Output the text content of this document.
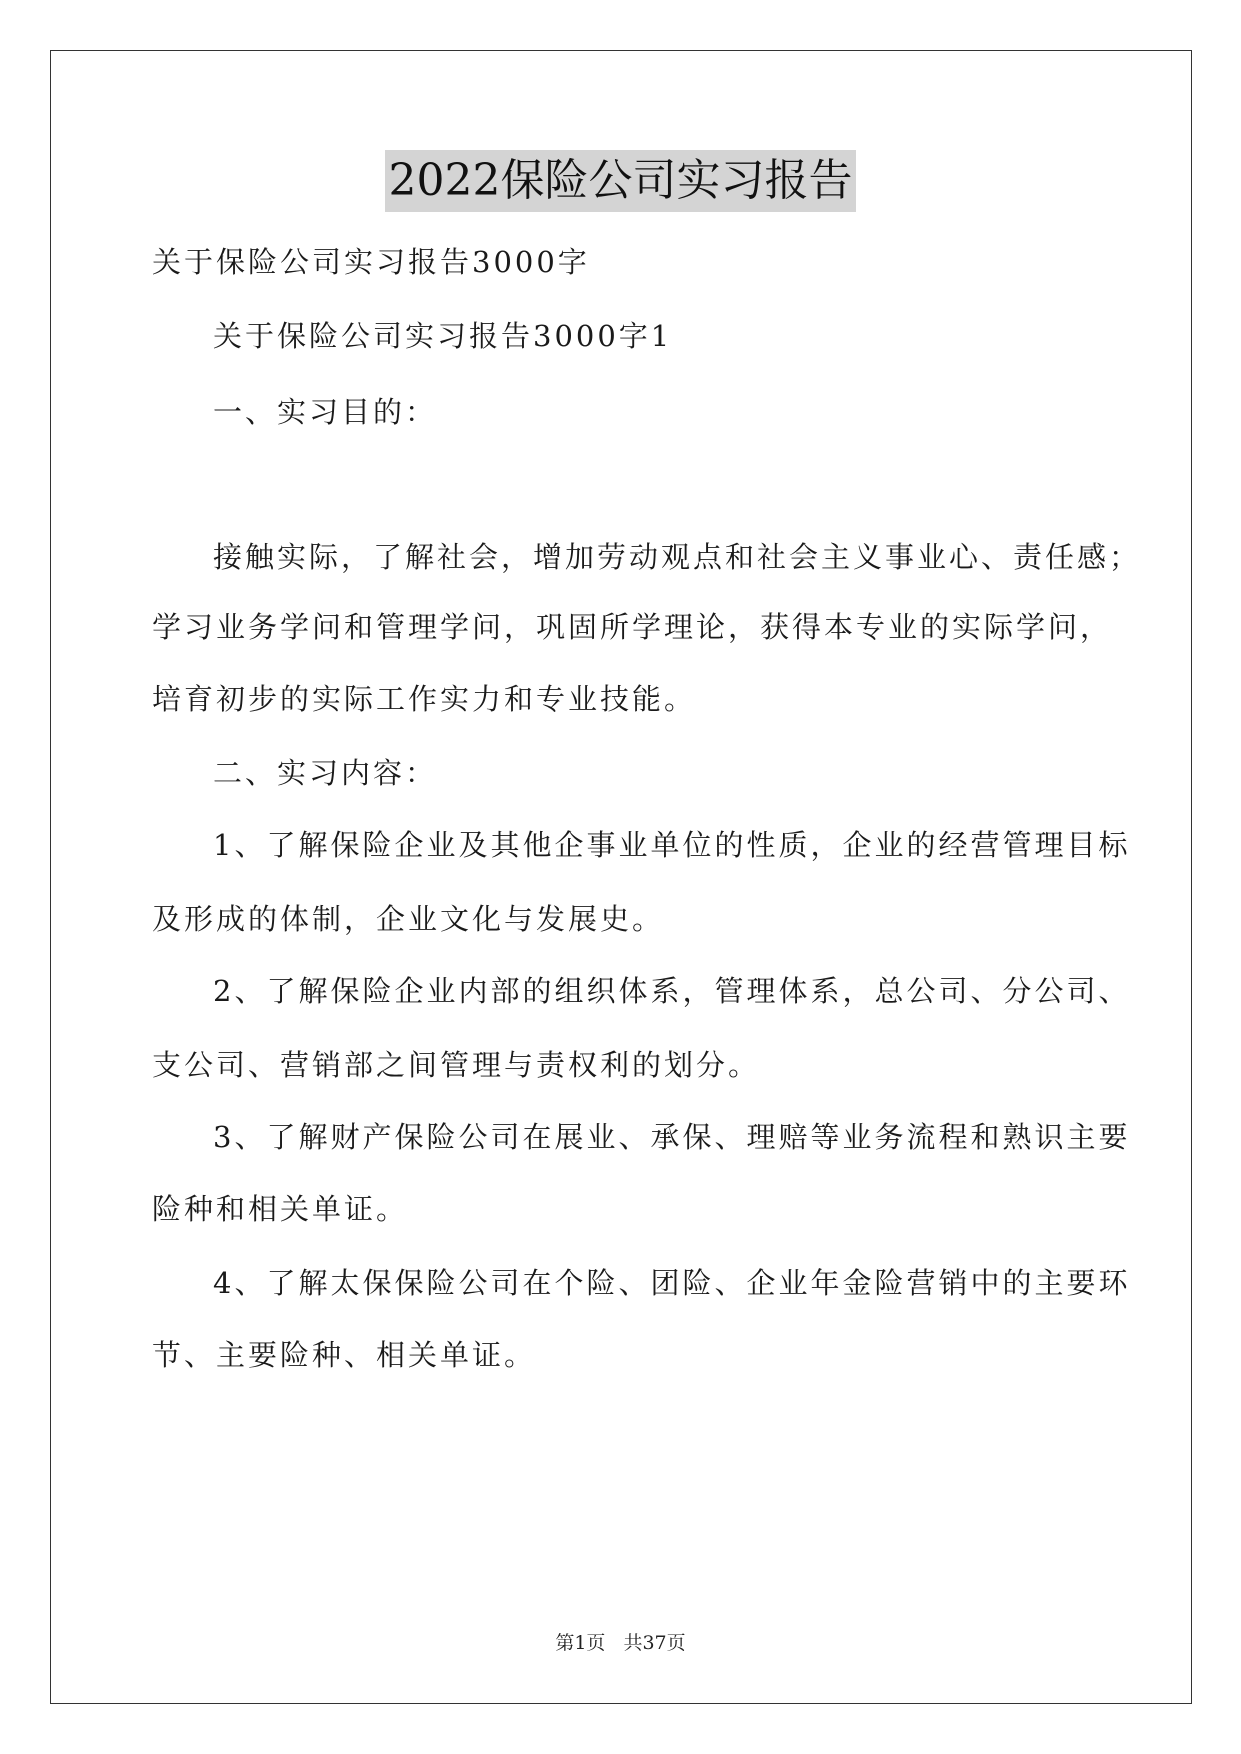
2022保险公司实习报告
关于保险公司实习报告3000字
关于保险公司实习报告3000字1
一、实习目的：
接触实际，了解社会，增加劳动观点和社会主义事业心、责任感；
学习业务学问和管理学问，巩固所学理论，获得本专业的实际学问，
培育初步的实际工作实力和专业技能。
二、实习内容：
1、了解保险企业及其他企事业单位的性质，企业的经营管理目标
及形成的体制，企业文化与发展史。
2、了解保险企业内部的组织体系，管理体系，总公司、分公司、
支公司、营销部之间管理与责权利的划分。
3、了解财产保险公司在展业、承保、理赔等业务流程和熟识主要
险种和相关单证。
4、了解太保保险公司在个险、团险、企业年金险营销中的主要环
节、主要险种、相关单证。
第1页 共37页
